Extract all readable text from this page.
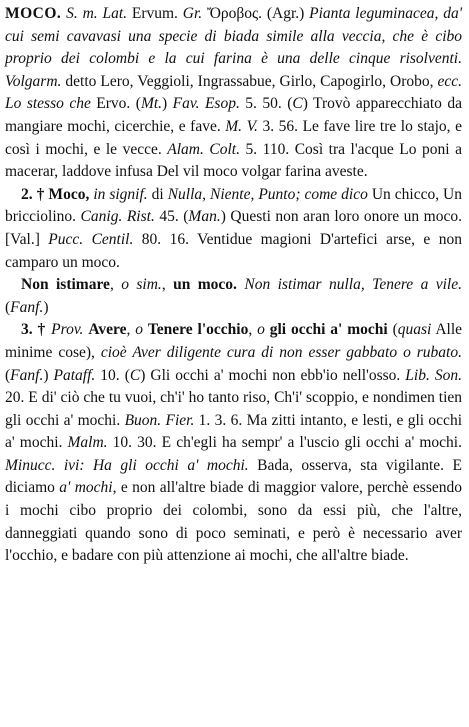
MOCO. S. m. Lat. Ervum. Gr. Ὄροβος. (Agr.) Pianta leguminacea, da' cui semi cavavasi una specie di biada simile alla veccia, che è cibo proprio dei colombi e la cui farina è una delle cinque risolventi. Volgarm. detto Lero, Veggioli, Ingrassabue, Girlo, Capogirlo, Orobo, ecc. Lo stesso che Ervo. (Mt.) Fav. Esop. 5. 50. (C) Trovò apparecchiato da mangiare mochi, cicerchie, e fave. M. V. 3. 56. Le fave lire tre lo stajo, e così i mochi, e le vecce. Alam. Colt. 5. 110. Così tra l'acque Lo poni a macerar, laddove infusa Del vil moco volgar farina aveste.

2. † Moco, in signif. di Nulla, Niente, Punto; come dico Un chicco, Un bricciolino. Canig. Rist. 45. (Man.) Questi non aran loro onore un moco. [Val.] Pucc. Centil. 80. 16. Ventidue magioni D'artefici arse, e non camparo un moco.

Non istimare, o sim., un moco. Non istimar nulla, Tenere a vile. (Fanf.)

3. † Prov. Avere, o Tenere l'occhio, o gli occhi a' mochi (quasi Alle minime cose), cioè Aver diligente cura di non esser gabbato o rubato. (Fanf.) Pataff. 10. (C) Gli occhi a' mochi non ebb'io nell'osso. Lib. Son. 20. E di' ciò che tu vuoi, ch'i' ho tanto riso, Ch'i' scoppio, e nondimen tien gli occhi a' mochi. Buon. Fier. 1. 3. 6. Ma zitti intanto, e lesti, e gli occhi a' mochi. Malm. 10. 30. E ch'egli ha sempr' a l'uscio gli occhi a' mochi. Minucc. ivi: Ha gli occhi a' mochi. Bada, osserva, sta vigilante. E diciamo a' mochi, e non all'altre biade di maggior valore, perchè essendo i mochi cibo proprio dei colombi, sono da essi più, che l'altre, danneggiati quando sono di poco seminati, e però è necessario aver l'occhio, e badare con più attenzione ai mochi, che all'altre biade.
